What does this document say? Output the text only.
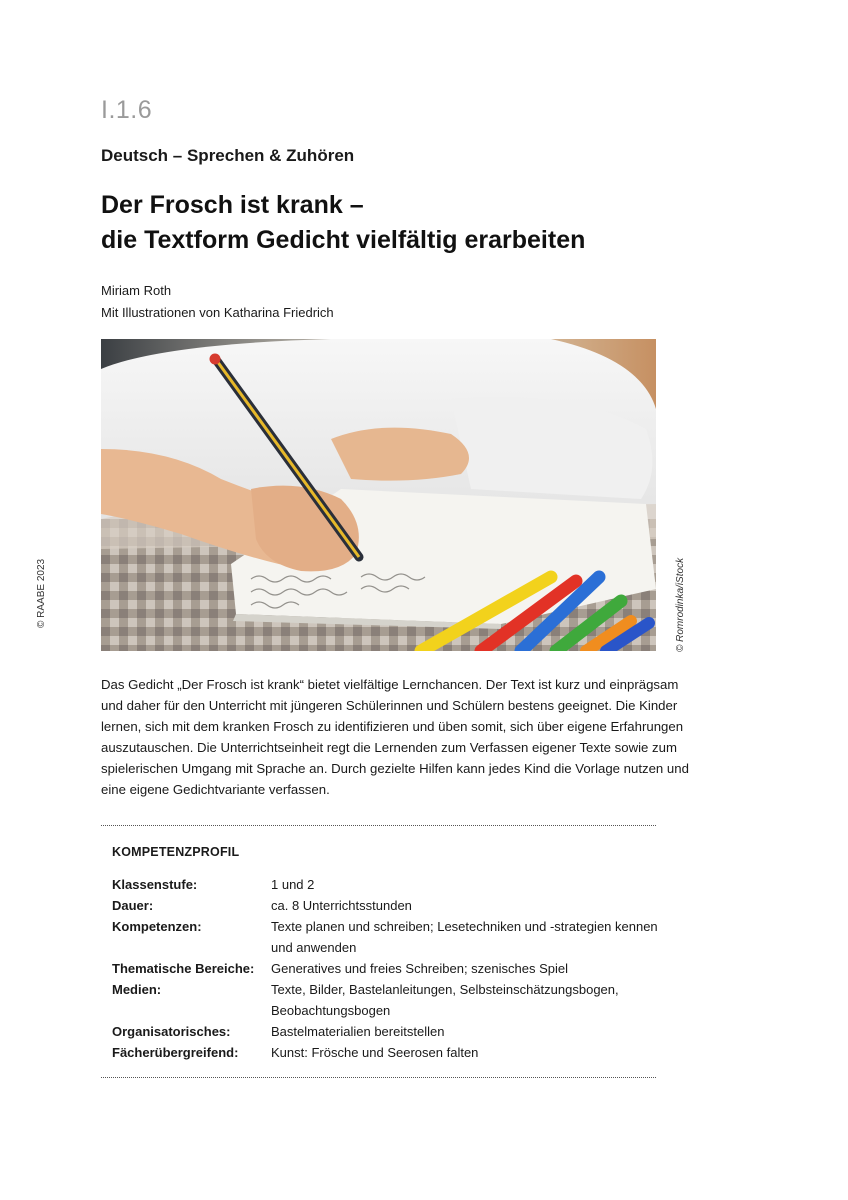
I.1.6
Deutsch – Sprechen & Zuhören
Der Frosch ist krank –
die Textform Gedicht vielfältig erarbeiten
Miriam Roth
Mit Illustrationen von Katharina Friedrich
© RAABE 2023	© Romrodinka/iStock
Das Gedicht „Der Frosch ist krank“ bietet vielfältige Lernchancen. Der Text ist kurz und einprägsam
und daher für den Unterricht mit jüngeren Schülerinnen und Schülern bestens geeignet. Die Kinder
lernen, sich mit dem kranken Frosch zu identifizieren und üben somit, sich über eigene Erfahrungen
auszutauschen. Die Unterrichtseinheit regt die Lernenden zum Verfassen eigener Texte sowie zum
spielerischen Umgang mit Sprache an. Durch gezielte Hilfen kann jedes Kind die Vorlage nutzen und
eine eigene Gedichtvariante verfassen.
KOMPETENZPROFIL
Klassenstufe:	1 und 2
Dauer:	ca. 8 Unterrichtsstunden
Kompetenzen:	Texte planen und schreiben; Lesetechniken und -strategien kennen
und anwenden
Thematische Bereiche:	Generatives und freies Schreiben; szenisches Spiel
Medien:	Texte, Bilder, Bastelanleitungen, Selbsteinschätzungsbogen,
Beobachtungsbogen
Organisatorisches:	Bastelmaterialien bereitstellen
Fächerübergreifend:	Kunst: Frösche und Seerosen falten
